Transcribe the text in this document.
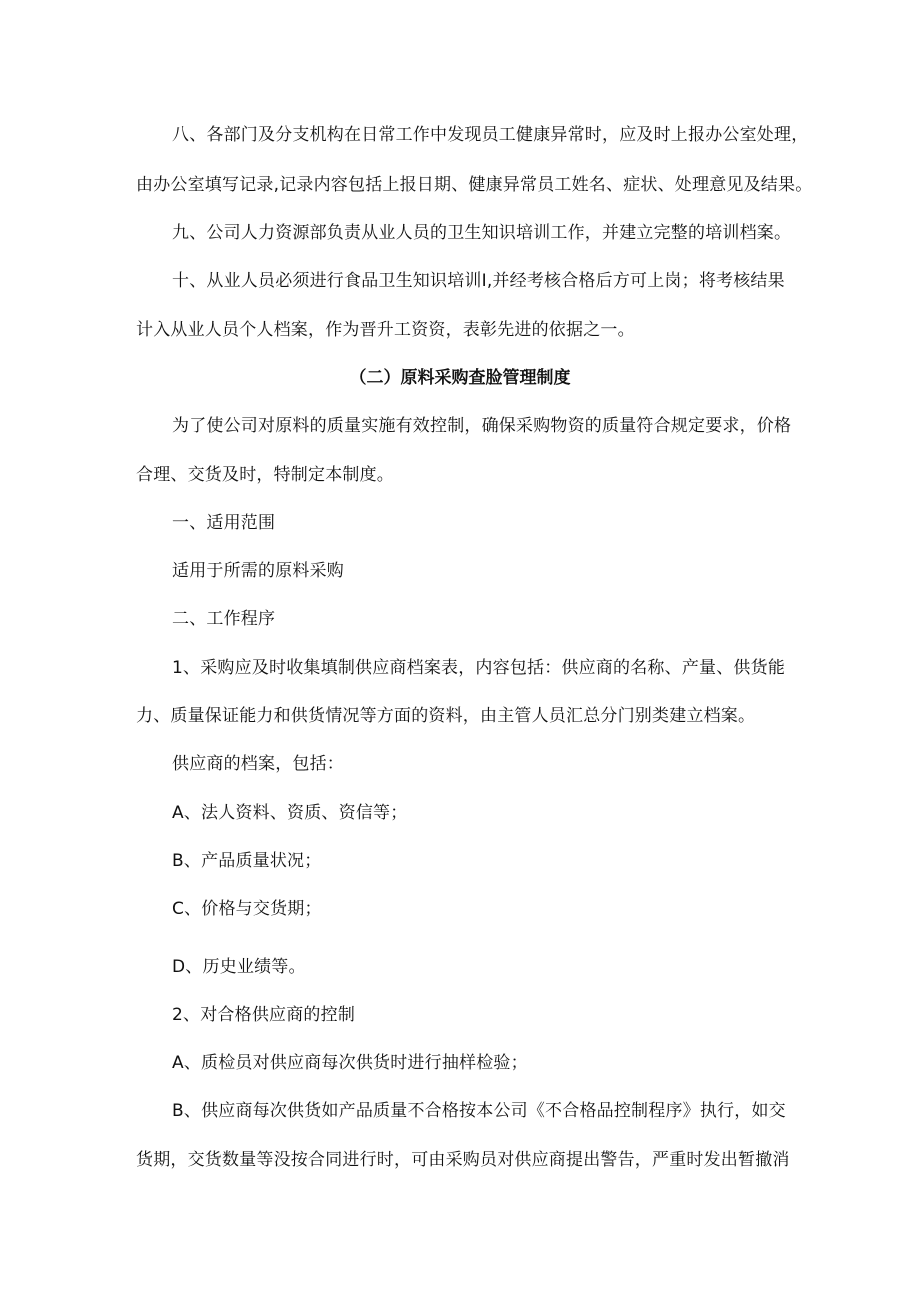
八、各部门及分支机构在日常工作中发现员工健康异常时，应及时上报办公室处理，
由办公室填写记录,记录内容包括上报日期、健康异常员工姓名、症状、处理意见及结果。
九、公司人力资源部负责从业人员的卫生知识培训工作，并建立完整的培训档案。
十、从业人员必须进行食品卫生知识培训I,并经考核合格后方可上岗；将考核结果
计入从业人员个人档案，作为晋升工资资，表彰先进的依据之一。
（二）原料采购查脸管理制度
为了使公司对原料的质量实施有效控制，确保采购物资的质量符合规定要求，价格
合理、交货及时，特制定本制度。
一、适用范围
适用于所需的原料采购
二、工作程序
1、采购应及时收集填制供应商档案表，内容包括：供应商的名称、产量、供货能
力、质量保证能力和供货情况等方面的资料，由主管人员汇总分门别类建立档案。
供应商的档案，包括：
A、法人资料、资质、资信等；
B、产品质量状况；
C、价格与交货期；
D、历史业绩等。
2、对合格供应商的控制
A、质检员对供应商每次供货时进行抽样检验；
B、供应商每次供货如产品质量不合格按本公司《不合格品控制程序》执行，如交
货期，交货数量等没按合同进行时，可由采购员对供应商提出警告，严重时发出暂撤消
